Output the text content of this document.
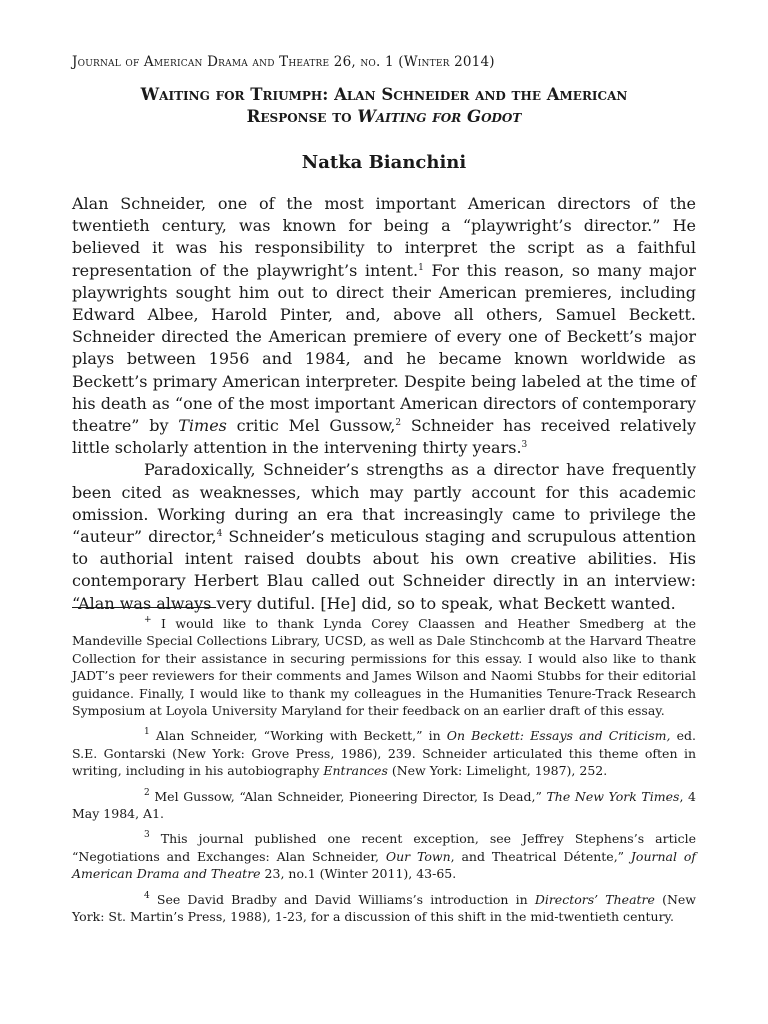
Journal of American Drama and Theatre 26, no. 1 (Winter 2014)
Waiting for Triumph: Alan Schneider and the American
Response to Waiting for Godot
Natka Bianchini

Alan Schneider, one of the most important American directors of the twentieth century, was known for being a “playwright’s director.” He believed it was his responsibility to interpret the script as a faithful representation of the playwright’s intent.$^1$ For this reason, so many major playwrights sought him out to direct their American premieres, including Edward Albee, Harold Pinter, and, above all others, Samuel Beckett. Schneider directed the American premiere of every one of Beckett’s major plays between 1956 and 1984, and he became known worldwide as Beckett’s primary American interpreter. Despite being labeled at the time of his death as “one of the most important American directors of contemporary theatre” by Times critic Mel Gussow,$^2$ Schneider has received relatively little scholarly attention in the intervening thirty years.$^3$

Paradoxically, Schneider’s strengths as a director have frequently been cited as weaknesses, which may partly account for this academic omission. Working during an era that increasingly came to privilege the “auteur” director,$^4$ Schneider’s meticulous staging and scrupulous attention to authorial intent raised doubts about his own creative abilities. His contemporary Herbert Blau called out Schneider directly in an interview: “Alan was always very dutiful. [He] did, so to speak, what Beckett wanted.

+ I would like to thank Lynda Corey Claassen and Heather Smedberg at the Mandeville Special Collections Library, UCSD, as well as Dale Stinchcomb at the Harvard Theatre Collection for their assistance in securing permissions for this essay. I would also like to thank JADT’s peer reviewers for their comments and James Wilson and Naomi Stubbs for their editorial guidance. Finally, I would like to thank my colleagues in the Humanities Tenure-Track Research Symposium at Loyola University Maryland for their feedback on an earlier draft of this essay.

$^1$ Alan Schneider, “Working with Beckett,” in On Beckett: Essays and Criticism, ed. S.E. Gontarski (New York: Grove Press, 1986), 239. Schneider articulated this theme often in writing, including in his autobiography Entrances (New York: Limelight, 1987), 252.

$^2$ Mel Gussow, “Alan Schneider, Pioneering Director, Is Dead,” The New York Times, 4 May 1984, A1.

$^3$ This journal published one recent exception, see Jeffrey Stephens’s article “Negotiations and Exchanges: Alan Schneider, Our Town, and Theatrical Détente,” Journal of American Drama and Theatre 23, no.1 (Winter 2011), 43-65.

$^4$ See David Bradby and David Williams’s introduction in Directors’ Theatre (New York: St. Martin’s Press, 1988), 1-23, for a discussion of this shift in the mid-twentieth century.
